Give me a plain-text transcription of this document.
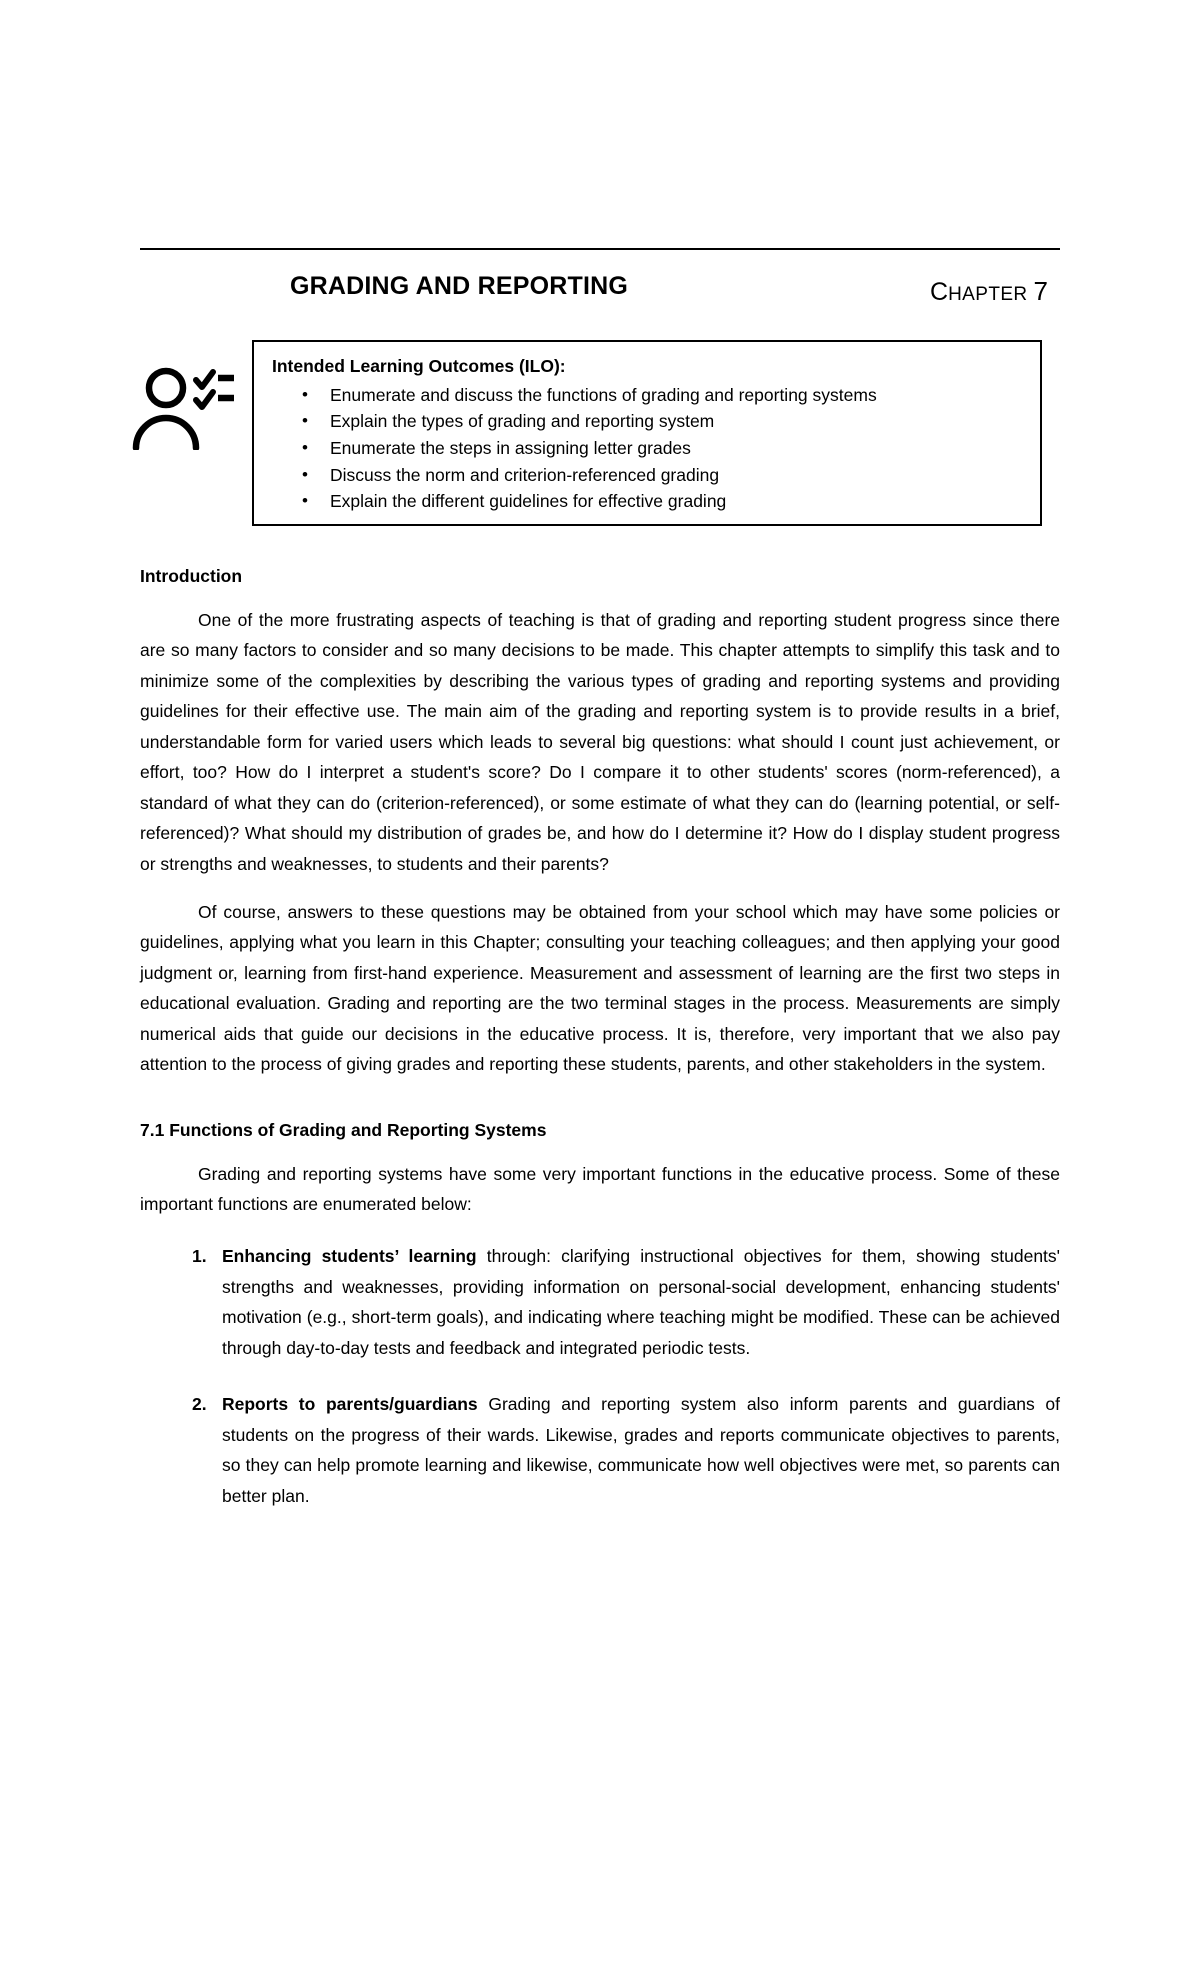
GRADING AND REPORTING	CHAPTER 7
Intended Learning Outcomes (ILO):
• Enumerate and discuss the functions of grading and reporting systems
• Explain the types of grading and reporting system
• Enumerate the steps in assigning letter grades
• Discuss the norm and criterion-referenced grading
• Explain the different guidelines for effective grading
Introduction

One of the more frustrating aspects of teaching is that of grading and reporting student progress since there are so many factors to consider and so many decisions to be made. This chapter attempts to simplify this task and to minimize some of the complexities by describing the various types of grading and reporting systems and providing guidelines for their effective use. The main aim of the grading and reporting system is to provide results in a brief, understandable form for varied users which leads to several big questions: what should I count just achievement, or effort, too? How do I interpret a student's score? Do I compare it to other students' scores (norm-referenced), a standard of what they can do (criterion-referenced), or some estimate of what they can do (learning potential, or self-referenced)? What should my distribution of grades be, and how do I determine it? How do I display student progress or strengths and weaknesses, to students and their parents?

Of course, answers to these questions may be obtained from your school which may have some policies or guidelines, applying what you learn in this Chapter; consulting your teaching colleagues; and then applying your good judgment or, learning from first-hand experience. Measurement and assessment of learning are the first two steps in educational evaluation. Grading and reporting are the two terminal stages in the process. Measurements are simply numerical aids that guide our decisions in the educative process. It is, therefore, very important that we also pay attention to the process of giving grades and reporting these students, parents, and other stakeholders in the system.

7.1 Functions of Grading and Reporting Systems

Grading and reporting systems have some very important functions in the educative process. Some of these important functions are enumerated below:

1. Enhancing students’ learning through: clarifying instructional objectives for them, showing students' strengths and weaknesses, providing information on personal-social development, enhancing students' motivation (e.g., short-term goals), and indicating where teaching might be modified. These can be achieved through day-to-day tests and feedback and integrated periodic tests.
2. Reports to parents/guardians Grading and reporting system also inform parents and guardians of students on the progress of their wards. Likewise, grades and reports communicate objectives to parents, so they can help promote learning and likewise, communicate how well objectives were met, so parents can better plan.
